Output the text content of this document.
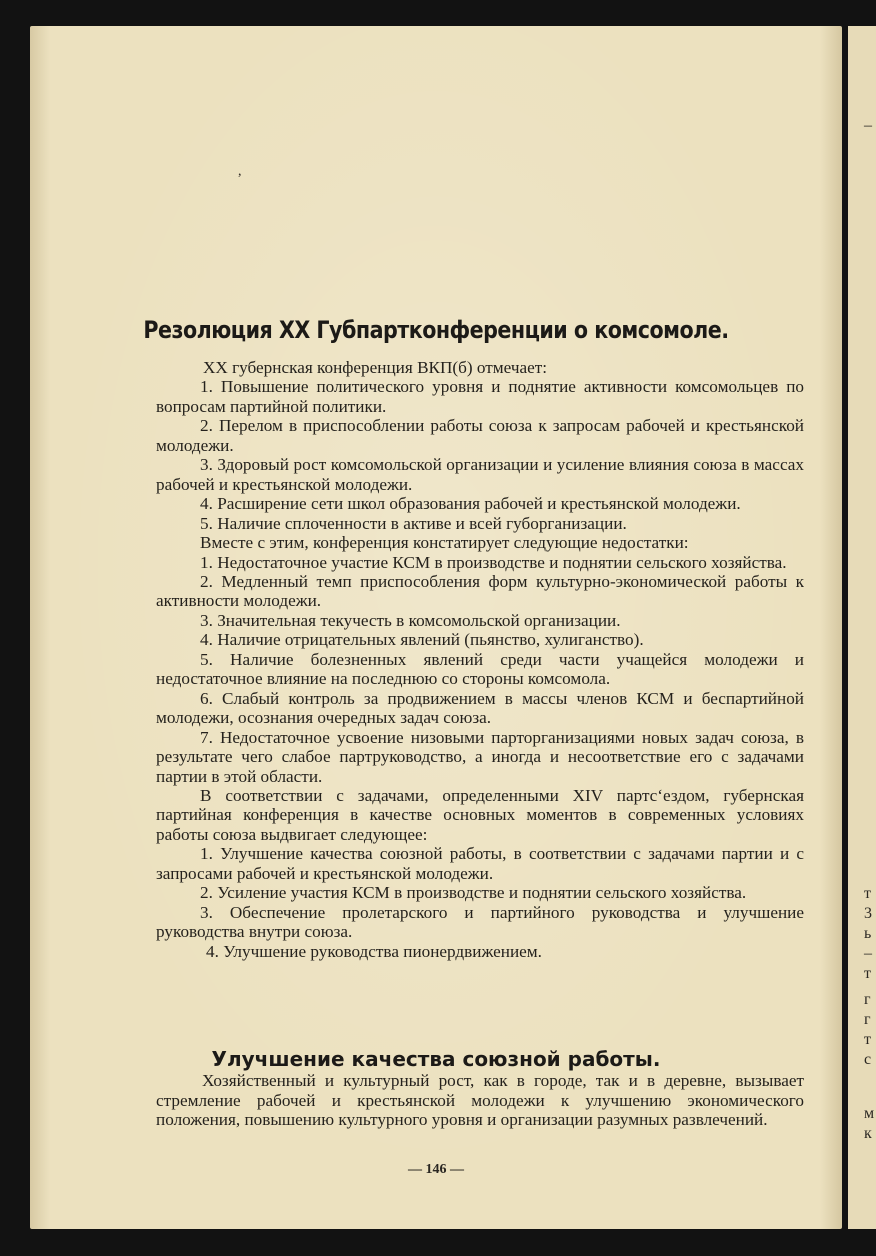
,
Резолюция XX Губпартконференции о комсомоле.

XX губернская конференция ВКП(б) отмечает:

1. Повышение политического уровня и поднятие активности комсомольцев по вопросам партийной политики.

2. Перелом в приспособлении работы союза к запросам рабочей и крестьянской молодежи.

3. Здоровый рост комсомольской организации и усиление влияния союза в массах рабочей и крестьянской молодежи.

4. Расширение сети школ образования рабочей и крестьянской молодежи.

5. Наличие сплоченности в активе и всей губорганизации.

Вместе с этим, конференция констатирует следующие недостатки:

1. Недостаточное участие КСМ в производстве и поднятии сельского хозяйства.

2. Медленный темп приспособления форм культурно-экономической работы к активности молодежи.

3. Значительная текучесть в комсомольской организации.

4. Наличие отрицательных явлений (пьянство, хулиганство).

5. Наличие болезненных явлений среди части учащейся молодежи и недостаточное влияние на последнюю со стороны комсомола.

6. Слабый контроль за продвижением в массы членов КСМ и беспартийной молодежи, осознания очередных задач союза.

7. Недостаточное усвоение низовыми парторганизациями новых задач союза, в результате чего слабое партруководство, а иногда и несоответствие его с задачами партии в этой области.

В соответствии с задачами, определенными XIV партс‘ездом, губернская партийная конференция в качестве основных моментов в современных условиях работы союза выдвигает следующее:

1. Улучшение качества союзной работы, в соответствии с задачами партии и с запросами рабочей и крестьянской молодежи.

2. Усиление участия КСМ в производстве и поднятии сельского хозяйства.

3. Обеспечение пролетарского и партийного руководства и улучшение руководства внутри союза.

4. Улучшение руководства пионердвижением.

Улучшение качества союзной работы.

Хозяйственный и культурный рост, как в городе, так и в деревне, вызывает стремление рабочей и крестьянской молодежи к улучшению экономического положения, повышению культурного уровня и организации разумных развлечений.

— 146 —
–
т
3
ь
–
т
г
г
т
с
м
к
